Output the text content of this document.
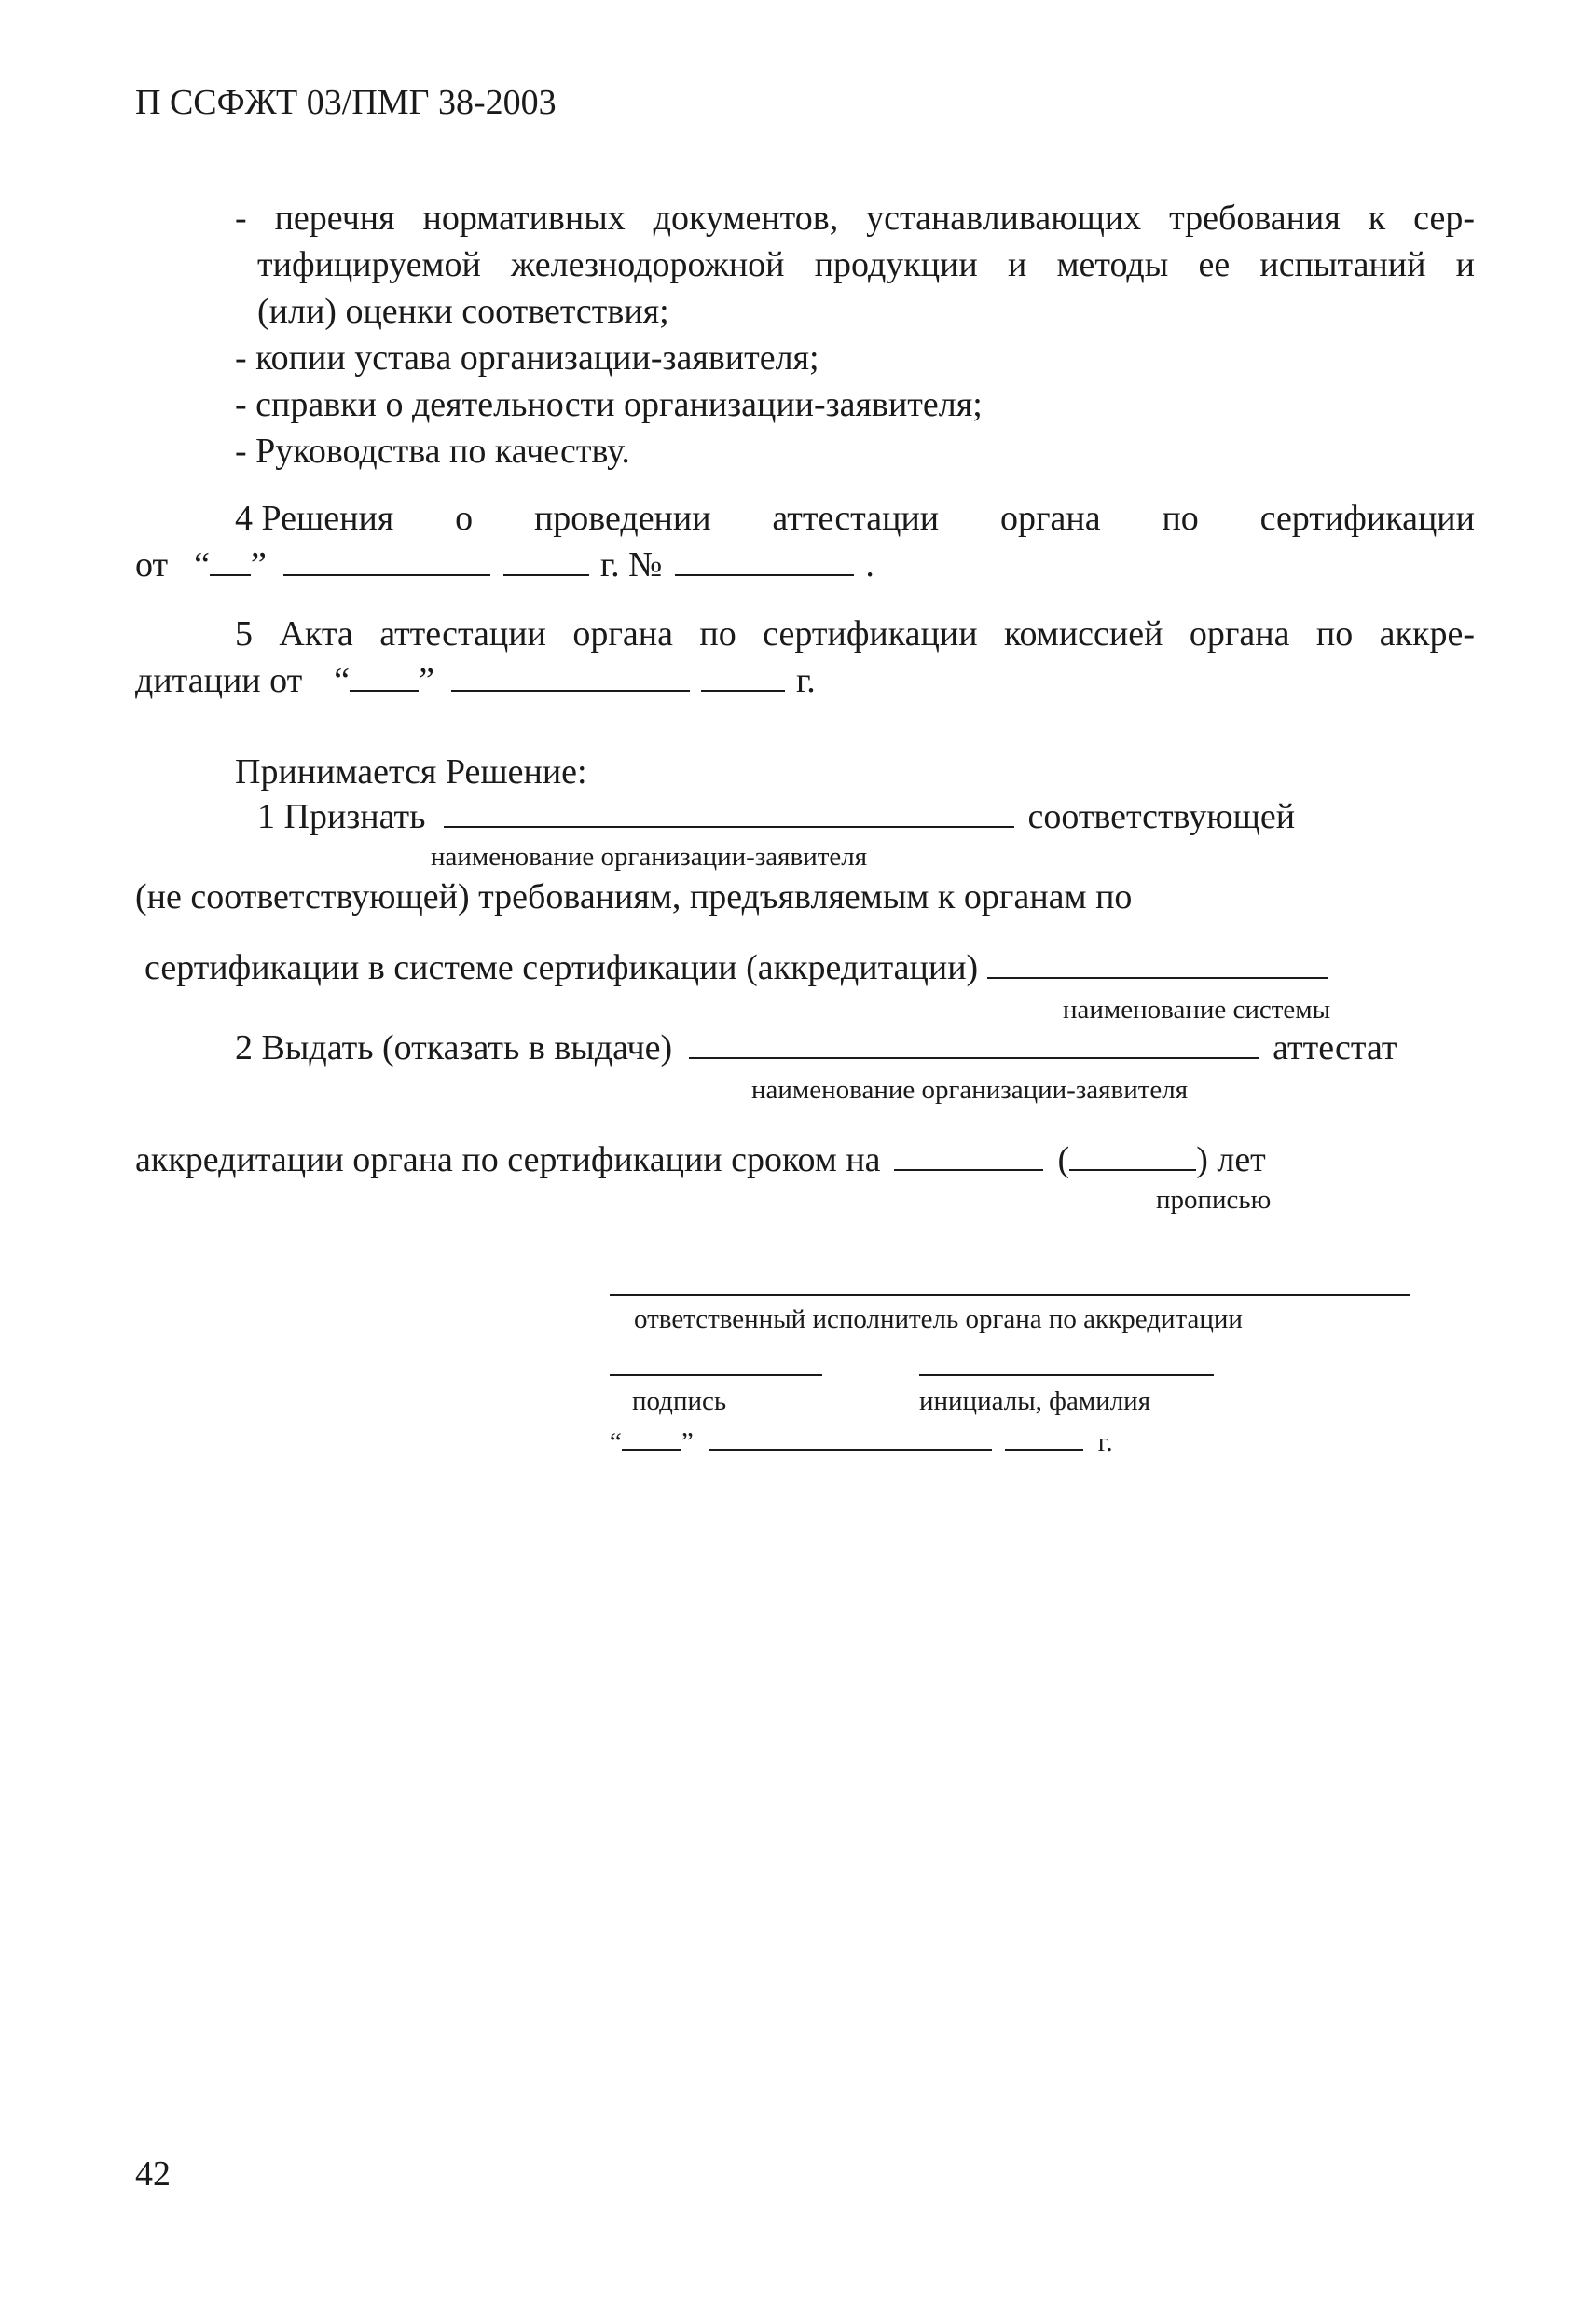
П ССФЖТ 03/ПМГ 38-2003
- перечня нормативных документов, устанавливающих требования к сер-
тифицируемой железнодорожной продукции и методы ее испытаний и
(или) оценки соответствия;
- копии устава организации-заявителя;
- справки о деятельности организации-заявителя;
- Руководства по качеству.
4 Решения о проведении аттестации органа по сертификации
от “ ”	г. №	.
5 Акта аттестации органа по сертификации комиссией органа по аккре-
дитации от “ ”	г.
Принимается Решение:
1 Признать	соответствующей
наименование организации-заявителя
(не соответствующей) требованиям, предъявляемым к органам по
сертификации в системе сертификации (аккредитации)
наименование системы
2 Выдать (отказать в выдаче)	аттестат
наименование организации-заявителя
аккредитации органа по сертификации сроком на	(	) лет
прописью
ответственный исполнитель органа по аккредитации
подпись	инициалы, фамилия
“ ”	г.
42
